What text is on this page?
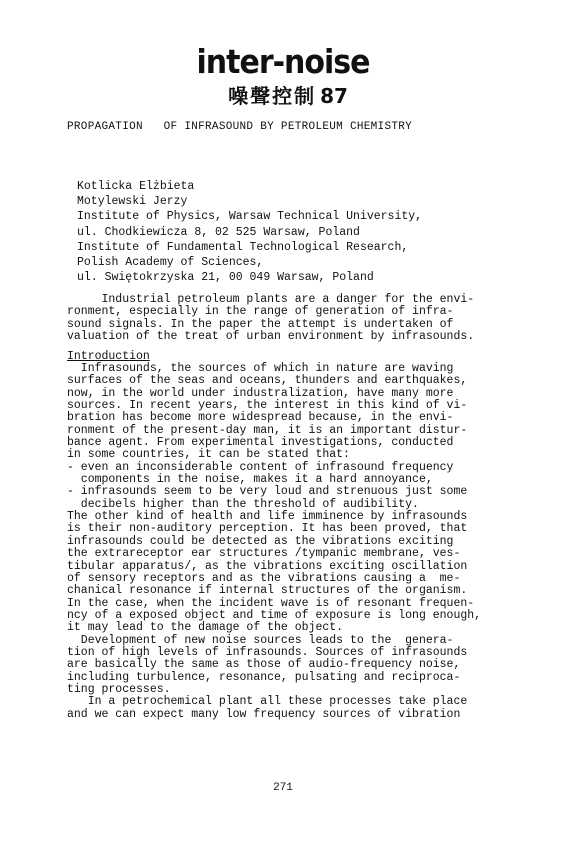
inter-noise
噪聲控制 87
PROPAGATION   OF INFRASOUND BY PETROLEUM CHEMISTRY
Kotlicka Elżbieta
Motylewski Jerzy
Institute of Physics, Warsaw Technical University,
ul. Chodkiewicza 8, 02 525 Warsaw, Poland
Institute of Fundamental Technological Research,
Polish Academy of Sciences,
ul. Swiętokrzyska 21, 00 049 Warsaw, Poland
Industrial petroleum plants are a danger for the envi-
ronment, especially in the range of generation of infra-
sound signals. In the paper the attempt is undertaken of
valuation of the treat of urban environment by infrasounds.
Introduction
Infrasounds, the sources of which in nature are waving
surfaces of the seas and oceans, thunders and earthquakes,
now, in the world under industralization, have many more
sources. In recent years, the interest in this kind of vi-
bration has become more widespread because, in the envi-
ronment of the present-day man, it is an important distur-
bance agent. From experimental investigations, conducted
in some countries, it can be stated that:
- even an inconsiderable content of infrasound frequency
components in the noise, makes it a hard annoyance,
- infrasounds seem to be very loud and strenuous just some
decibels higher than the threshold of audibility.
The other kind of health and life imminence by infrasounds
is their non-auditory perception. It has been proved, that
infrasounds could be detected as the vibrations exciting
the extrareceptor ear structures /tympanic membrane, ves-
tibular apparatus/, as the vibrations exciting oscillation
of sensory receptors and as the vibrations causing a  me-
chanical resonance if internal structures of the organism.
In the case, when the incident wave is of resonant frequen-
ncy of a exposed object and time of exposure is long enough,
it may lead to the damage of the object.
Development of new noise sources leads to the  genera-
tion of high levels of infrasounds. Sources of infrasounds
are basically the same as those of audio-frequency noise,
including turbulence, resonance, pulsating and reciproca-
ting processes.
In a petrochemical plant all these processes take place
and we can expect many low frequency sources of vibration
271
